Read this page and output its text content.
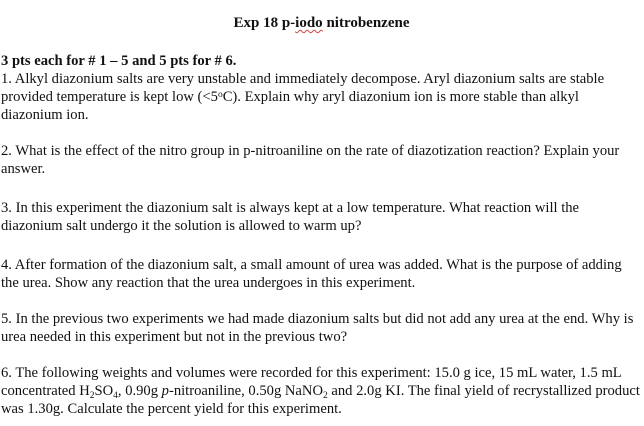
Exp 18 p-iodo nitrobenzene

3 pts each for # 1 – 5 and 5 pts for # 6.

1. Alkyl diazonium salts are very unstable and immediately decompose. Aryl diazonium salts are stable provided temperature is kept low $(<5^oC)$. Explain why aryl diazonium ion is more stable than alkyl diazonium ion.

2. What is the effect of the nitro group in p-nitroaniline on the rate of diazotization reaction? Explain your answer.

3. In this experiment the diazonium salt is always kept at a low temperature. What reaction will the diazonium salt undergo it the solution is allowed to warm up?

4. After formation of the diazonium salt, a small amount of urea was added. What is the purpose of adding the urea. Show any reaction that the urea undergoes in this experiment.

5. In the previous two experiments we had made diazonium salts but did not add any urea at the end. Why is urea needed in this experiment but not in the previous two?

6. The following weights and volumes were recorded for this experiment: 15.0 g ice, 15 mL water, 1.5 mL concentrated $H_2SO_4$, 0.90g p-nitroaniline, 0.50g NaNO$_2$ and 2.0g KI. The final yield of recrystallized product was 1.30g. Calculate the percent yield for this experiment.
